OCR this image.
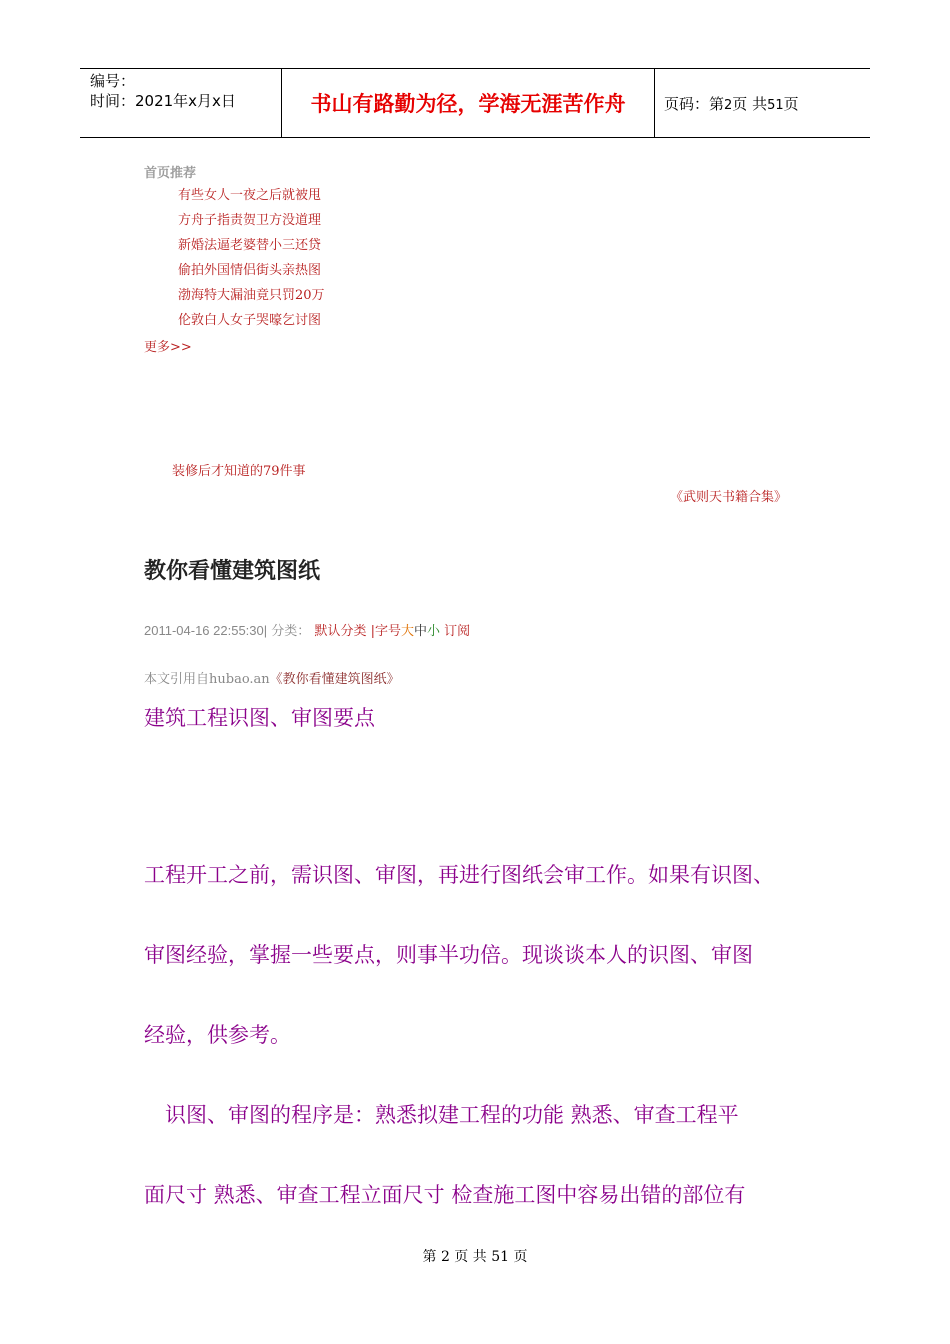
编号：
时间：2021年x月x日	书山有路勤为径，学海无涯苦作舟	页码：第2页 共51页
首页推荐
有些女人一夜之后就被甩
方舟子指责贺卫方没道理
新婚法逼老婆替小三还贷
偷拍外国情侣街头亲热图
渤海特大漏油竟只罚20万
伦敦白人女子哭嚎乞讨图
更多>>
装修后才知道的79件事
《武则天书籍合集》
教你看懂建筑图纸
2011-04-16 22:55:30| 分类： 默认分类 |字号大中小 订阅
本文引用自hubao.an《教你看懂建筑图纸》
建筑工程识图、审图要点
工程开工之前，需识图、审图，再进行图纸会审工作。如果有识图、
审图经验，掌握一些要点，则事半功倍。现谈谈本人的识图、审图
经验，供参考。
　识图、审图的程序是：熟悉拟建工程的功能 熟悉、审查工程平
面尺寸 熟悉、审查工程立面尺寸 检查施工图中容易出错的部位有
第 2 页 共 51 页
